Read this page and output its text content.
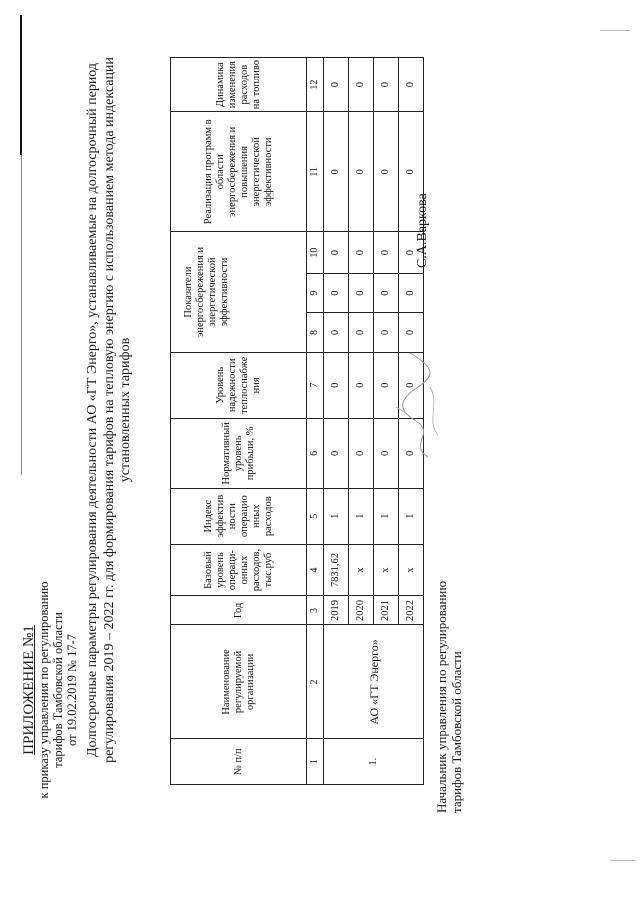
ПРИЛОЖЕНИЕ №1 к приказу управления по регулированию тарифов Тамбовской области от 19.02.2019 № 17-7 Долгосрочные параметры регулирования деятельности АО «ГТ Энерго», устанавливаемые на долгосрочный период регулирования 2019 – 2022 гг. для формирования тарифов на тепловую энергию с использованием метода индексации установленных тарифов
№ п/п	Наименование регулируемой организации	Год	Базовый уровень операци-онных расходов, тыс.руб	Индекс эффектив ности операцио нных расходов	Нормативный уровень прибыли, %	Уровень надежности теплоснабже ния	Показатели энергосбережения и энергетической эффективности			Реализация программ в области энергосбережения и повышения энергетической эффективности	Динамика изменения расходов на топливо
1	2	3	4	5	6	7	8	9	10	11	12
1.	АО «ГТ Энерго»	2019	7831,62	1	0	0	0	0	0	0	0
		2020	x	1	0	0	0	0	0	0	0
		2021	x	1	0	0	0	0	0	0	0
		2022	x	1	0	0	0	0	0	0	0
Начальник управления по регулированию тарифов Тамбовской области
С.А.Варкова
